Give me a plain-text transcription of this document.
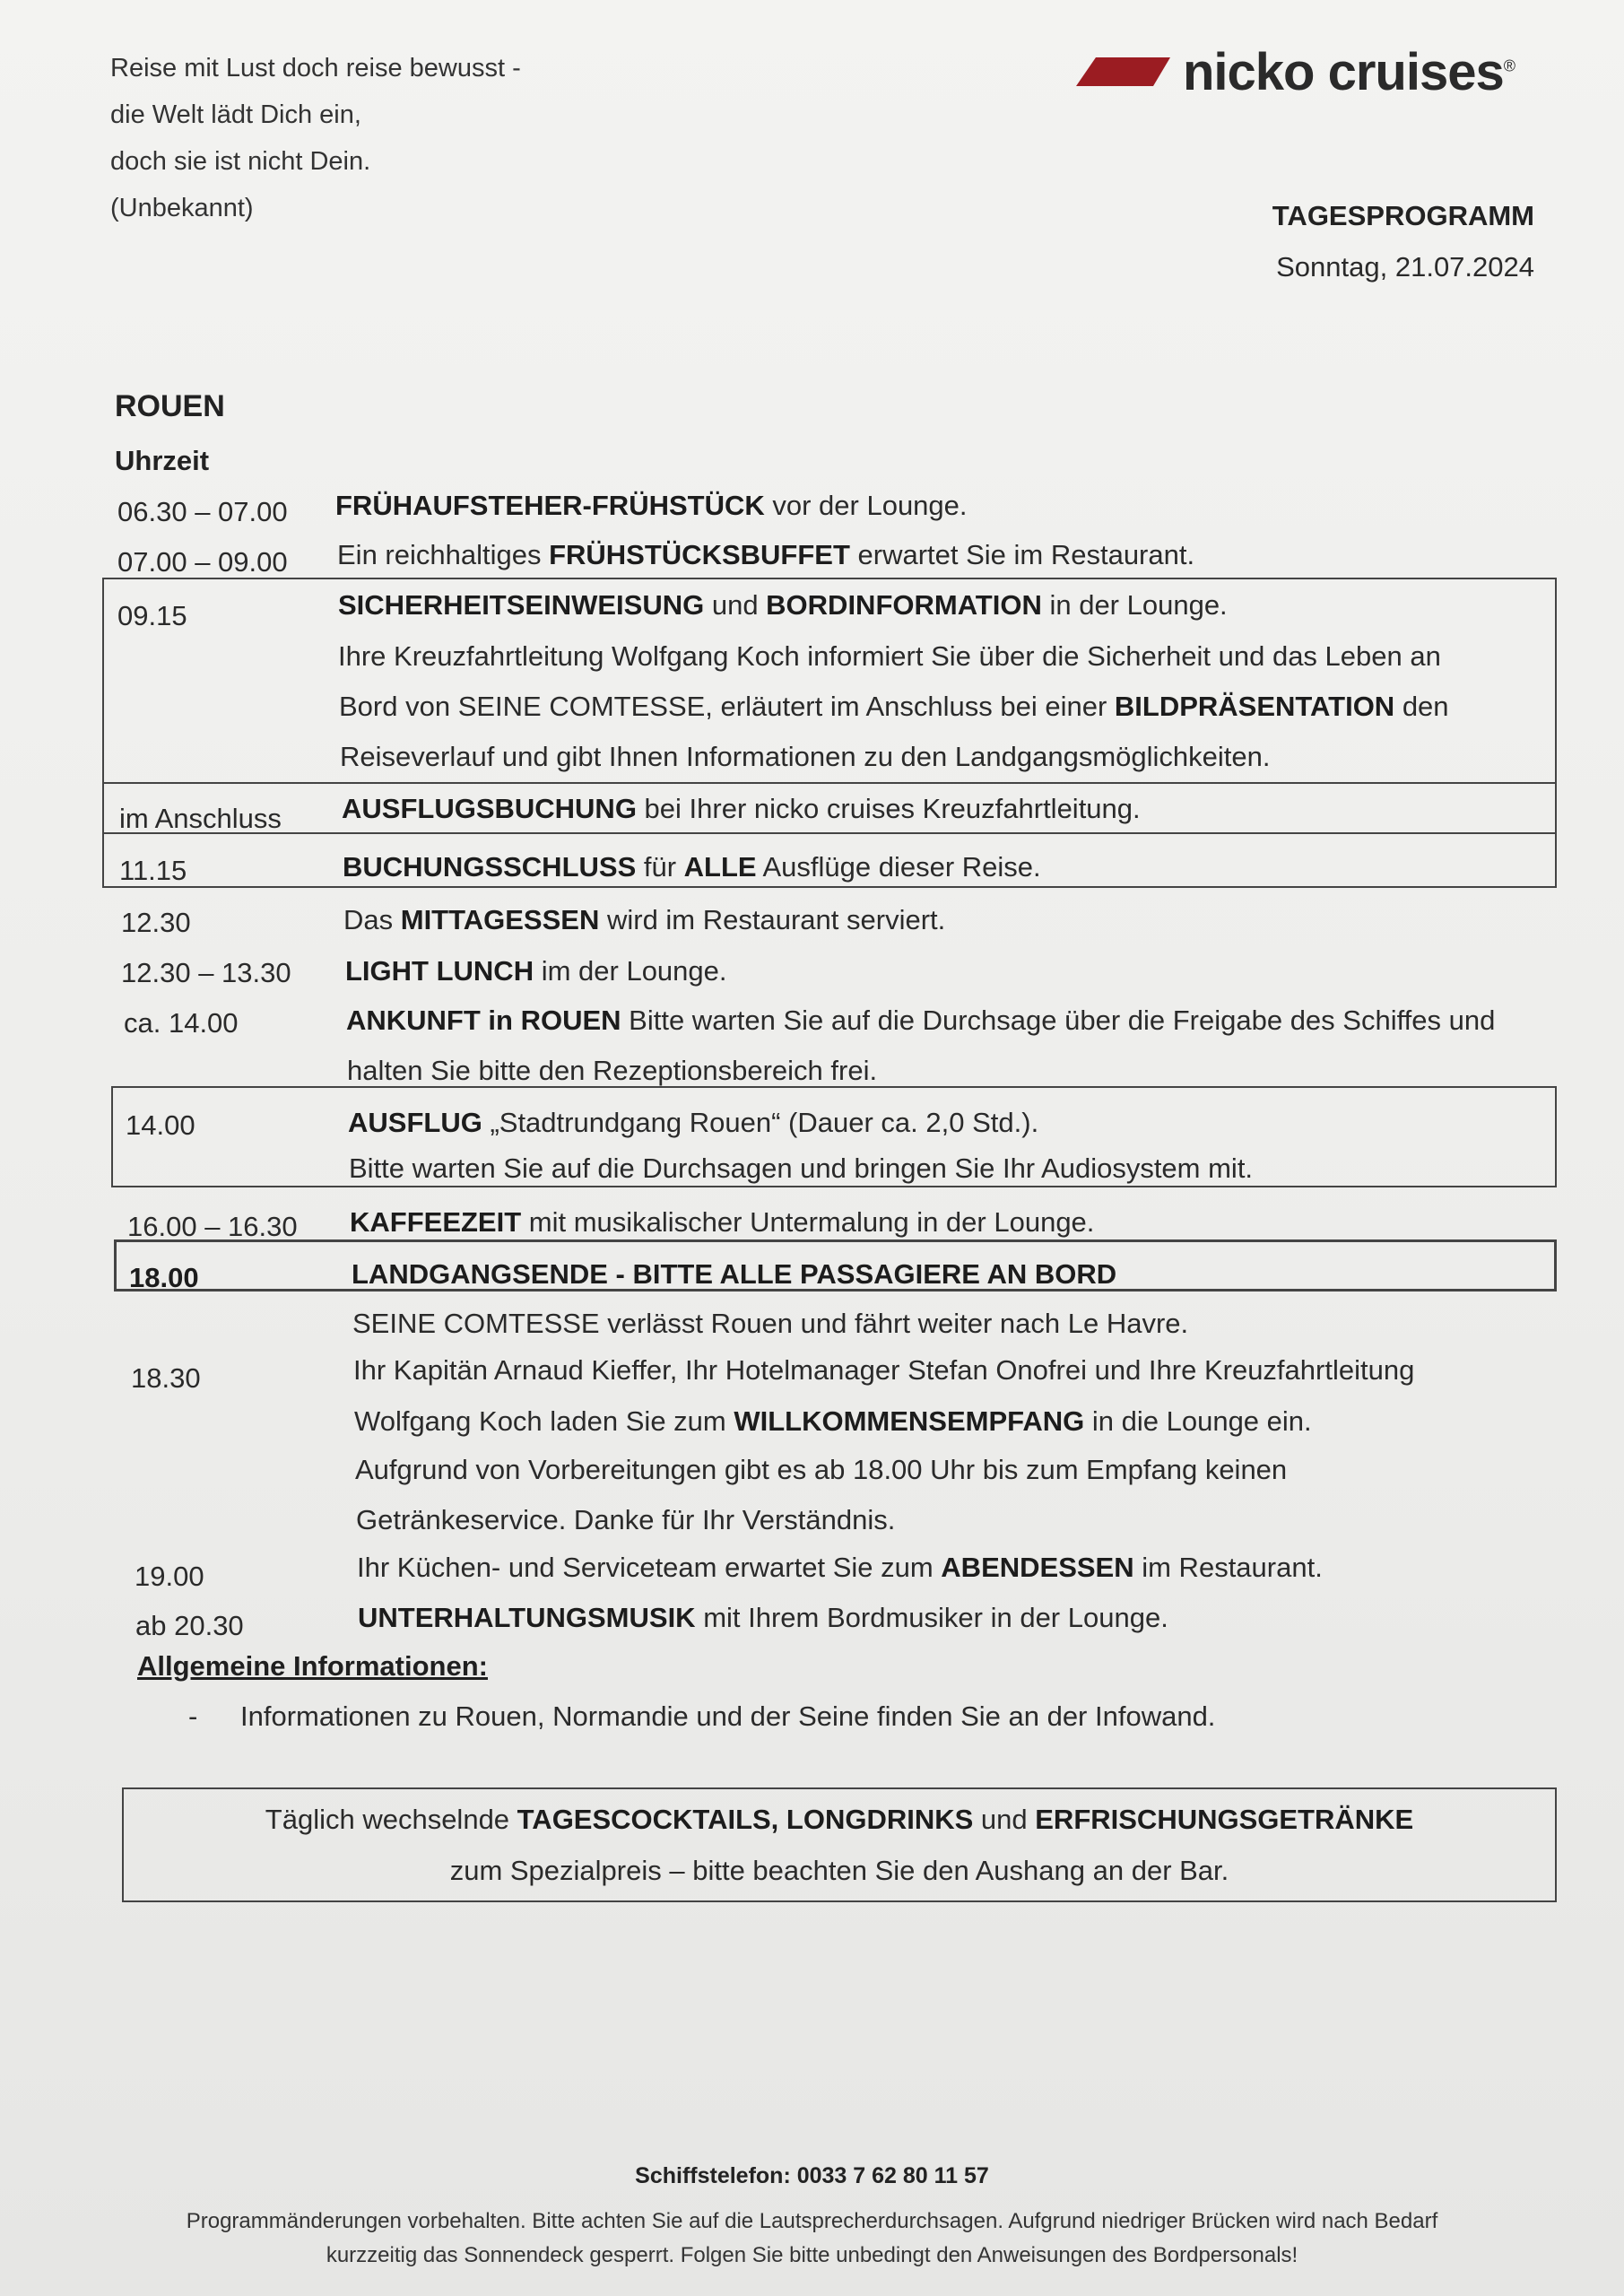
Reise mit Lust doch reise bewusst -
die Welt lädt Dich ein,
doch sie ist nicht Dein.
(Unbekannt)
nicko cruises®
TAGESPROGRAMM
Sonntag, 21.07.2024
ROUEN
Uhrzeit
06.30 – 07.00 FRÜHAUFSTEHER-FRÜHSTÜCK vor der Lounge.
07.00 – 09.00 Ein reichhaltiges FRÜHSTÜCKSBUFFET erwartet Sie im Restaurant.
09.15	SICHERHEITSEINWEISUNG und BORDINFORMATION in der Lounge.
Ihre Kreuzfahrtleitung Wolfgang Koch informiert Sie über die Sicherheit und das Leben an
Bord von SEINE COMTESSE, erläutert im Anschluss bei einer BILDPRÄSENTATION den
Reiseverlauf und gibt Ihnen Informationen zu den Landgangsmöglichkeiten.
im Anschluss AUSFLUGSBUCHUNG bei Ihrer nicko cruises Kreuzfahrtleitung.
11.15	BUCHUNGSSCHLUSS für ALLE Ausflüge dieser Reise.
12.30	Das MITTAGESSEN wird im Restaurant serviert.
12.30 – 13.30 LIGHT LUNCH im der Lounge.
ca. 14.00	ANKUNFT in ROUEN Bitte warten Sie auf die Durchsage über die Freigabe des Schiffes und
halten Sie bitte den Rezeptionsbereich frei.
14.00	AUSFLUG „Stadtrundgang Rouen“ (Dauer ca. 2,0 Std.).
Bitte warten Sie auf die Durchsagen und bringen Sie Ihr Audiosystem mit.
16.00 – 16.30 KAFFEEZEIT mit musikalischer Untermalung in der Lounge.
18.00	LANDGANGSENDE - BITTE ALLE PASSAGIERE AN BORD
SEINE COMTESSE verlässt Rouen und fährt weiter nach Le Havre.
18.30	Ihr Kapitän Arnaud Kieffer, Ihr Hotelmanager Stefan Onofrei und Ihre Kreuzfahrtleitung
Wolfgang Koch laden Sie zum WILLKOMMENSEMPFANG in die Lounge ein.
Aufgrund von Vorbereitungen gibt es ab 18.00 Uhr bis zum Empfang keinen
Getränkeservice. Danke für Ihr Verständnis.
19.00	Ihr Küchen- und Serviceteam erwartet Sie zum ABENDESSEN im Restaurant.
ab 20.30	UNTERHALTUNGSMUSIK mit Ihrem Bordmusiker in der Lounge.
Allgemeine Informationen:
- Informationen zu Rouen, Normandie und der Seine finden Sie an der Infowand.
Täglich wechselnde TAGESCOCKTAILS, LONGDRINKS und ERFRISCHUNGSGETRÄNKE
zum Spezialpreis – bitte beachten Sie den Aushang an der Bar.
Schiffstelefon: 0033 7 62 80 11 57
Programmänderungen vorbehalten. Bitte achten Sie auf die Lautsprecherdurchsagen. Aufgrund niedriger Brücken wird nach Bedarf
kurzzeitig das Sonnendeck gesperrt. Folgen Sie bitte unbedingt den Anweisungen des Bordpersonals!
